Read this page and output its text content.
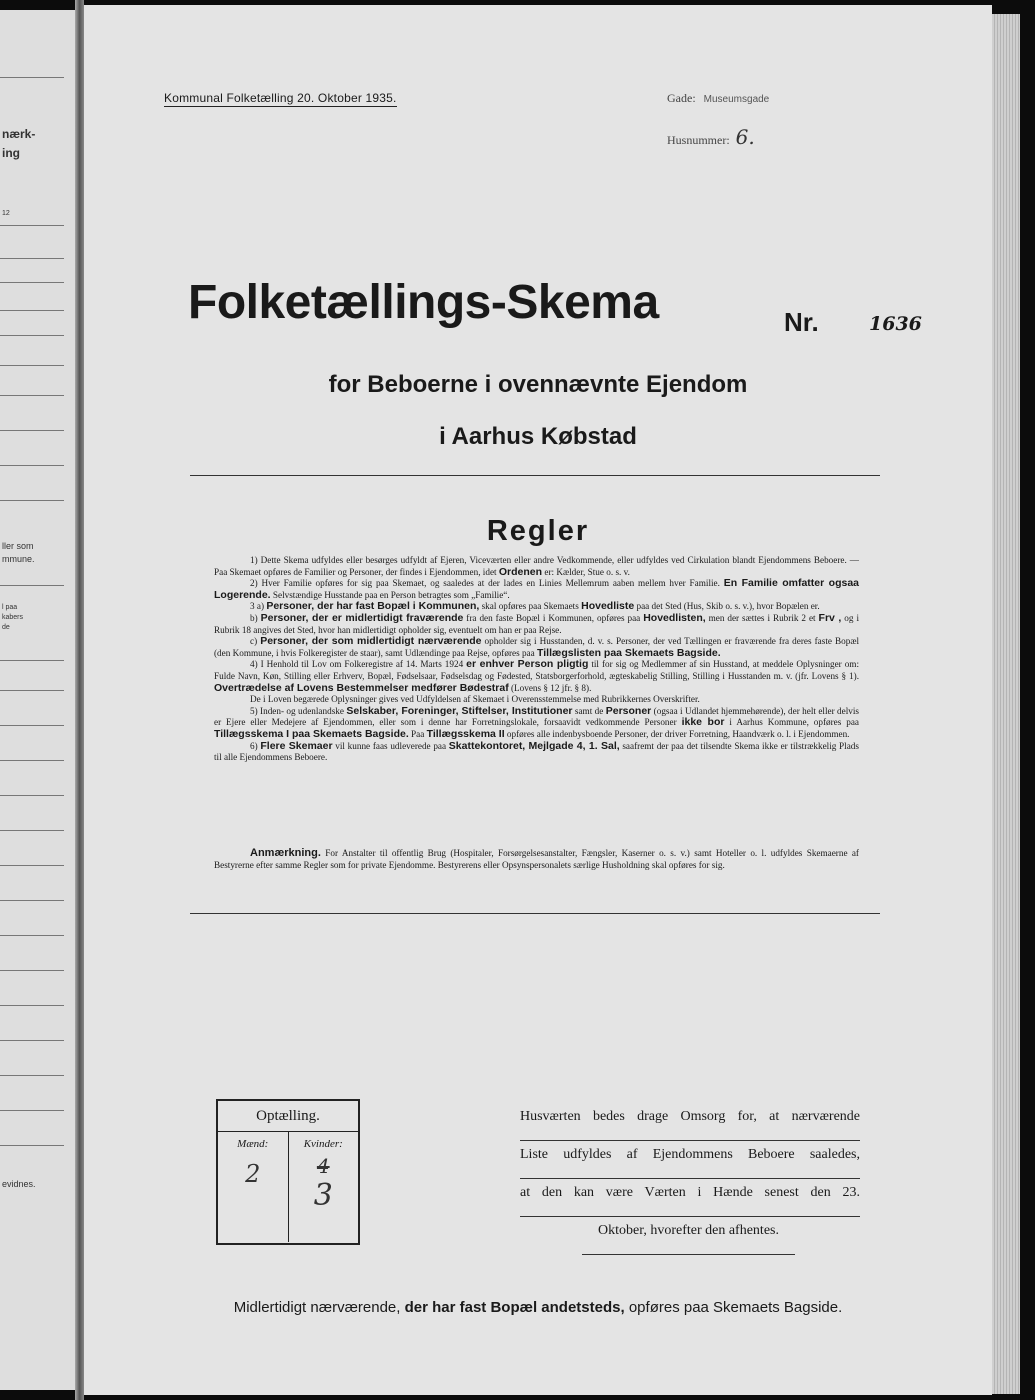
nærk-
ing
12
ller som
mmune.
l paa
kabers
de
evidnes.
Kommunal Folketælling 20. Oktober 1935.	Gade: Museumsgade
Husnummer: 6.
Folketællings-Skema	Nr.	1636
for Beboerne i ovennævnte Ejendom
i Aarhus Købstad
Regler

1) Dette Skema udfyldes eller besørges udfyldt af Ejeren, Viceværten eller andre Vedkommende, eller udfyldes ved Cirkulation blandt Ejendommens Beboere. — Paa Skemaet opføres de Familier og Personer, der findes i Ejendommen, idet Ordenen er: Kælder, Stue o. s. v.

2) Hver Familie opføres for sig paa Skemaet, og saaledes at der lades en Linies Mellemrum aaben mellem hver Familie. En Familie omfatter ogsaa Logerende. Selvstændige Husstande paa en Person betragtes som „Familie“.

3 a) Personer, der har fast Bopæl i Kommunen, skal opføres paa Skemaets Hovedliste paa det Sted (Hus, Skib o. s. v.), hvor Bopælen er.

b) Personer, der er midlertidigt fraværende fra den faste Bopæl i Kommunen, opføres paa Hovedlisten, men der sættes i Rubrik 2 et Frv , og i Rubrik 18 angives det Sted, hvor han midlertidigt opholder sig, eventuelt om han er paa Rejse.

c) Personer, der som midlertidigt nærværende opholder sig i Husstanden, d. v. s. Personer, der ved Tællingen er fraværende fra deres faste Bopæl (den Kommune, i hvis Folkeregister de staar), samt Udlændinge paa Rejse, opføres paa Tillægslisten paa Skemaets Bagside.

4) I Henhold til Lov om Folkeregistre af 14. Marts 1924 er enhver Person pligtig til for sig og Medlemmer af sin Husstand, at meddele Oplysninger om: Fulde Navn, Køn, Stilling eller Erhverv, Bopæl, Fødselsaar, Fødselsdag og Fødested, Statsborgerforhold, ægteskabelig Stilling, Stilling i Husstanden m. v. (jfr. Lovens § 1). Overtrædelse af Lovens Bestemmelser medfører Bødestraf (Lovens § 12 jfr. § 8).

De i Loven begærede Oplysninger gives ved Udfyldelsen af Skemaet i Overensstemmelse med Rubrikkernes Overskrifter.

5) Inden- og udenlandske Selskaber, Foreninger, Stiftelser, Institutioner samt de Personer (ogsaa i Udlandet hjemmehørende), der helt eller delvis er Ejere eller Medejere af Ejendommen, eller som i denne har Forretningslokale, forsaavidt vedkommende Personer ikke bor i Aarhus Kommune, opføres paa Tillægsskema I paa Skemaets Bagside. Paa Tillægsskema II opføres alle indenbysboende Personer, der driver Forretning, Haandværk o. l. i Ejendommen.

6) Flere Skemaer vil kunne faas udleverede paa Skattekontoret, Mejlgade 4, 1. Sal, saafremt der paa det tilsendte Skema ikke er tilstrækkelig Plads til alle Ejendommens Beboere.

Anmærkning. For Anstalter til offentlig Brug (Hospitaler, Forsørgelsesanstalter, Fængsler, Kaserner o. s. v.) samt Hoteller o. l. udfyldes Skemaerne af Bestyrerne efter samme Regler som for private Ejendomme. Bestyrerens eller Opsynspersonalets særlige Husholdning skal opføres for sig.

Optælling.
Mænd:
2
Kvinder:
4
3
Husværten bedes drage Omsorg for, at nærværende
Liste udfyldes af Ejendommens Beboere saaledes,
at den kan være Værten i Hænde senest den 23.
Oktober, hvorefter den afhentes.
Midlertidigt nærværende, der har fast Bopæl andetsteds, opføres paa Skemaets Bagside.
